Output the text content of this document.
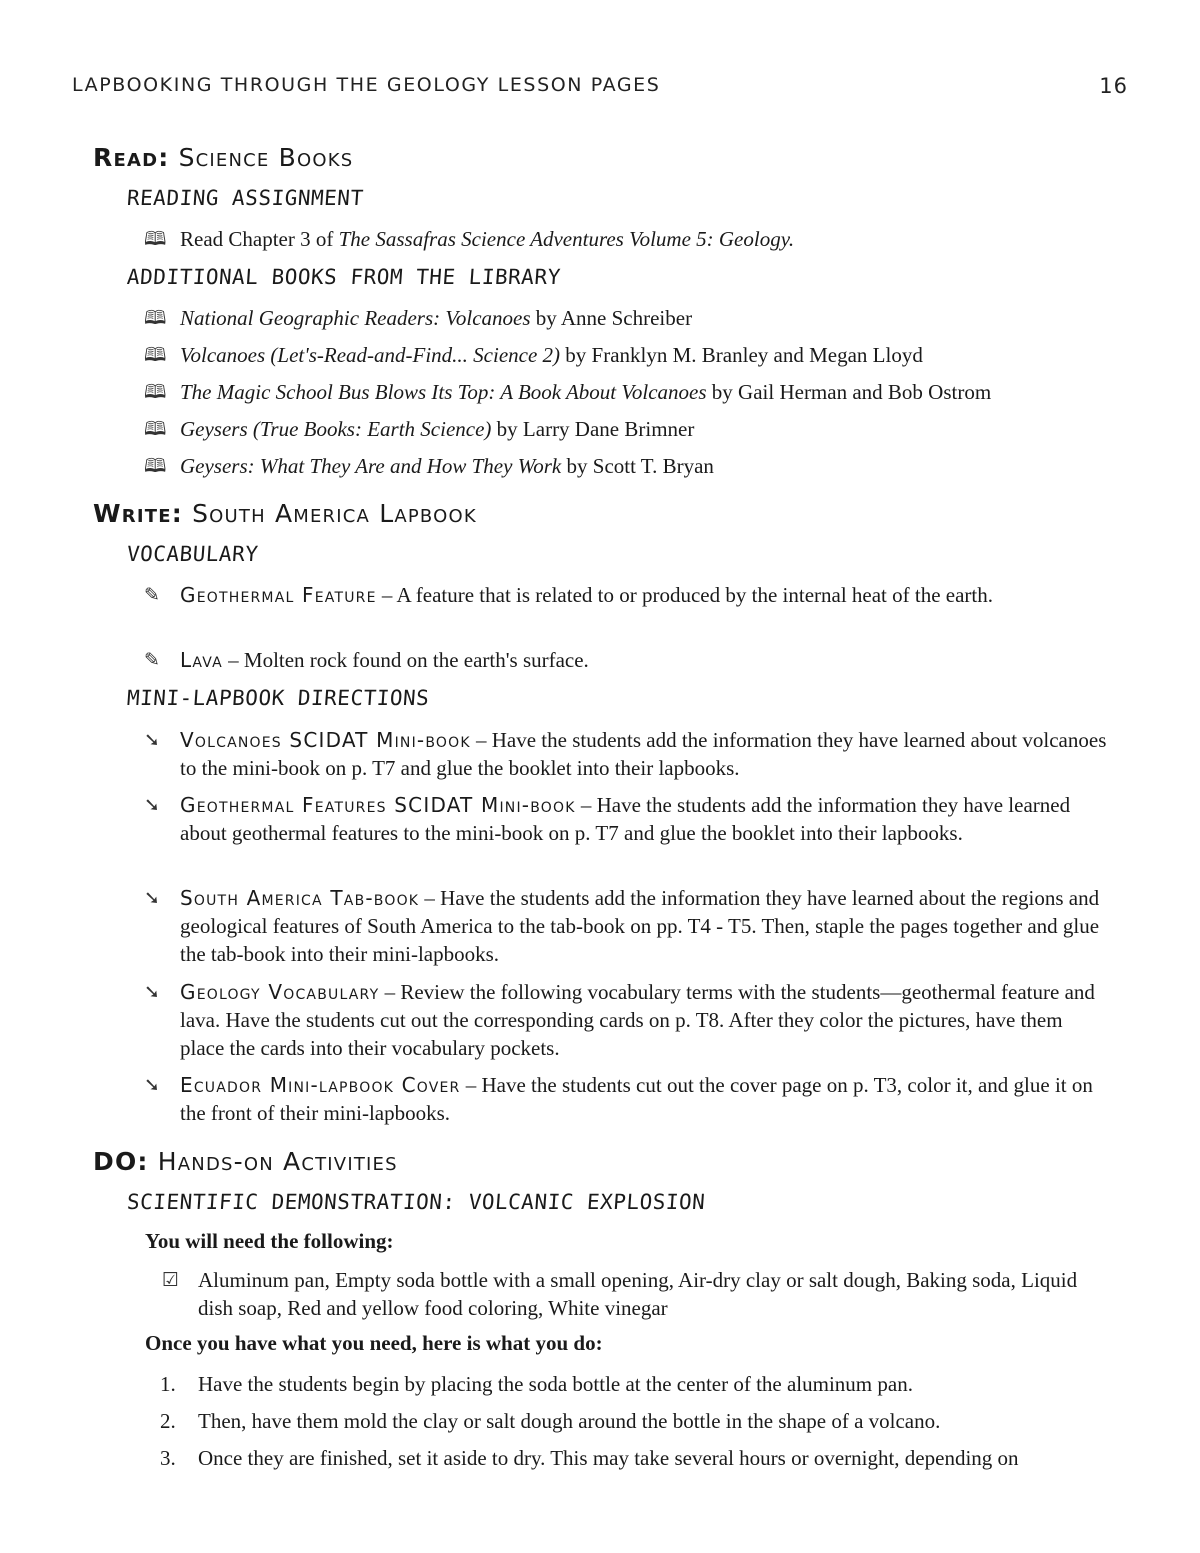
LAPBOOKING THROUGH THE GEOLOGY LESSON PAGES	16
Read: Science Books
READING ASSIGNMENT
🕮 Read Chapter 3 of The Sassafras Science Adventures Volume 5: Geology.
ADDITIONAL BOOKS FROM THE LIBRARY
🕮 National Geographic Readers: Volcanoes by Anne Schreiber
🕮 Volcanoes (Let's-Read-and-Find... Science 2) by Franklyn M. Branley and Megan Lloyd
🕮 The Magic School Bus Blows Its Top: A Book About Volcanoes by Gail Herman and Bob Ostrom
🕮 Geysers (True Books: Earth Science) by Larry Dane Brimner
🕮 Geysers: What They Are and How They Work by Scott T. Bryan
Write: South America Lapbook
VOCABULARY
✎	Geothermal Feature – A feature that is related to or produced by the internal heat of the earth.
✎	Lava – Molten rock found on the earth's surface.
MINI-LAPBOOK DIRECTIONS
➘	Volcanoes SCIDAT Mini-book – Have the students add the information they have learned about volcanoes to the mini-book on p. T7 and glue the booklet into their lapbooks.
➘	Geothermal Features SCIDAT Mini-book – Have the students add the information they have learned about geothermal features to the mini-book on p. T7 and glue the booklet into their lapbooks.
➘	South America Tab-book – Have the students add the information they have learned about the regions and geological features of South America to the tab-book on pp. T4 - T5. Then, staple the pages together and glue the tab-book into their mini-lapbooks.
➘	Geology Vocabulary – Review the following vocabulary terms with the students—geothermal feature and lava. Have the students cut out the corresponding cards on p. T8. After they color the pictures, have them place the cards into their vocabulary pockets.
➘	Ecuador Mini-lapbook Cover – Have the students cut out the cover page on p. T3, color it, and glue it on the front of their mini-lapbooks.
DO: Hands-on Activities
SCIENTIFIC DEMONSTRATION: VOLCANIC EXPLOSION
You will need the following:
☑ Aluminum pan, Empty soda bottle with a small opening, Air-dry clay or salt dough, Baking soda, Liquid dish soap, Red and yellow food coloring, White vinegar
Once you have what you need, here is what you do:
1.	Have the students begin by placing the soda bottle at the center of the aluminum pan.
2.	Then, have them mold the clay or salt dough around the bottle in the shape of a volcano.
3.	Once they are finished, set it aside to dry. This may take several hours or overnight, depending on
